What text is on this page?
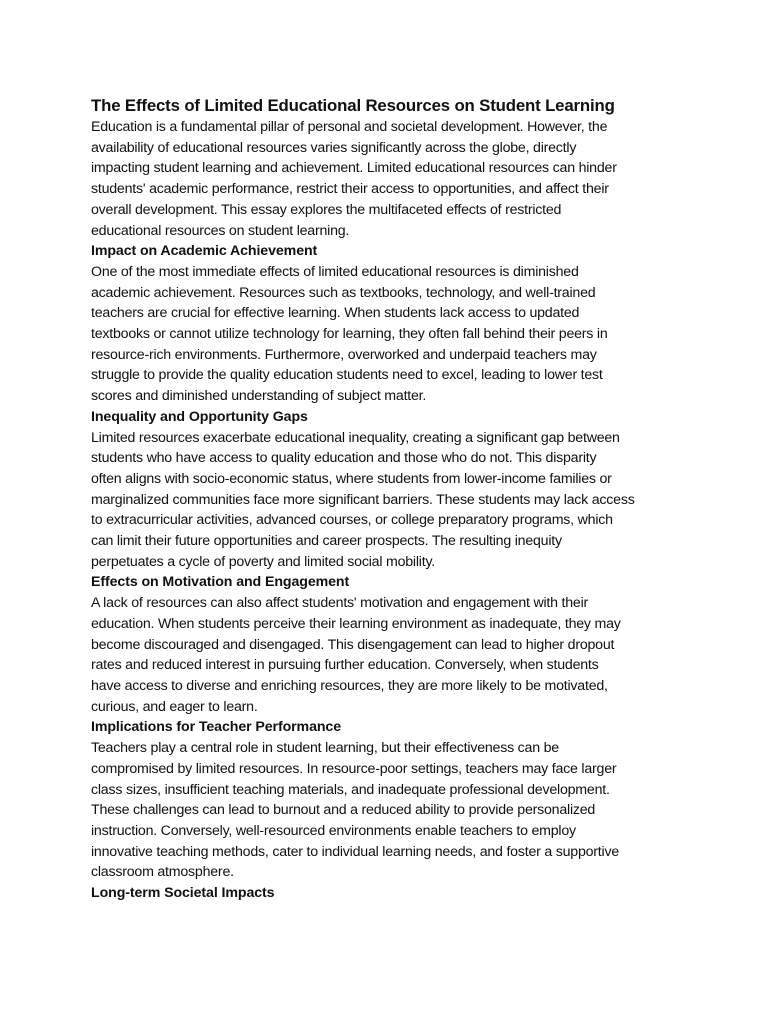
The Effects of Limited Educational Resources on Student Learning

Education is a fundamental pillar of personal and societal development. However, the
availability of educational resources varies significantly across the globe, directly
impacting student learning and achievement. Limited educational resources can hinder
students' academic performance, restrict their access to opportunities, and affect their
overall development. This essay explores the multifaceted effects of restricted
educational resources on student learning.

Impact on Academic Achievement

One of the most immediate effects of limited educational resources is diminished
academic achievement. Resources such as textbooks, technology, and well-trained
teachers are crucial for effective learning. When students lack access to updated
textbooks or cannot utilize technology for learning, they often fall behind their peers in
resource-rich environments. Furthermore, overworked and underpaid teachers may
struggle to provide the quality education students need to excel, leading to lower test
scores and diminished understanding of subject matter.

Inequality and Opportunity Gaps

Limited resources exacerbate educational inequality, creating a significant gap between
students who have access to quality education and those who do not. This disparity
often aligns with socio-economic status, where students from lower-income families or
marginalized communities face more significant barriers. These students may lack access
to extracurricular activities, advanced courses, or college preparatory programs, which
can limit their future opportunities and career prospects. The resulting inequity
perpetuates a cycle of poverty and limited social mobility.

Effects on Motivation and Engagement

A lack of resources can also affect students' motivation and engagement with their
education. When students perceive their learning environment as inadequate, they may
become discouraged and disengaged. This disengagement can lead to higher dropout
rates and reduced interest in pursuing further education. Conversely, when students
have access to diverse and enriching resources, they are more likely to be motivated,
curious, and eager to learn.

Implications for Teacher Performance

Teachers play a central role in student learning, but their effectiveness can be
compromised by limited resources. In resource-poor settings, teachers may face larger
class sizes, insufficient teaching materials, and inadequate professional development.
These challenges can lead to burnout and a reduced ability to provide personalized
instruction. Conversely, well-resourced environments enable teachers to employ
innovative teaching methods, cater to individual learning needs, and foster a supportive
classroom atmosphere.

Long-term Societal Impacts
